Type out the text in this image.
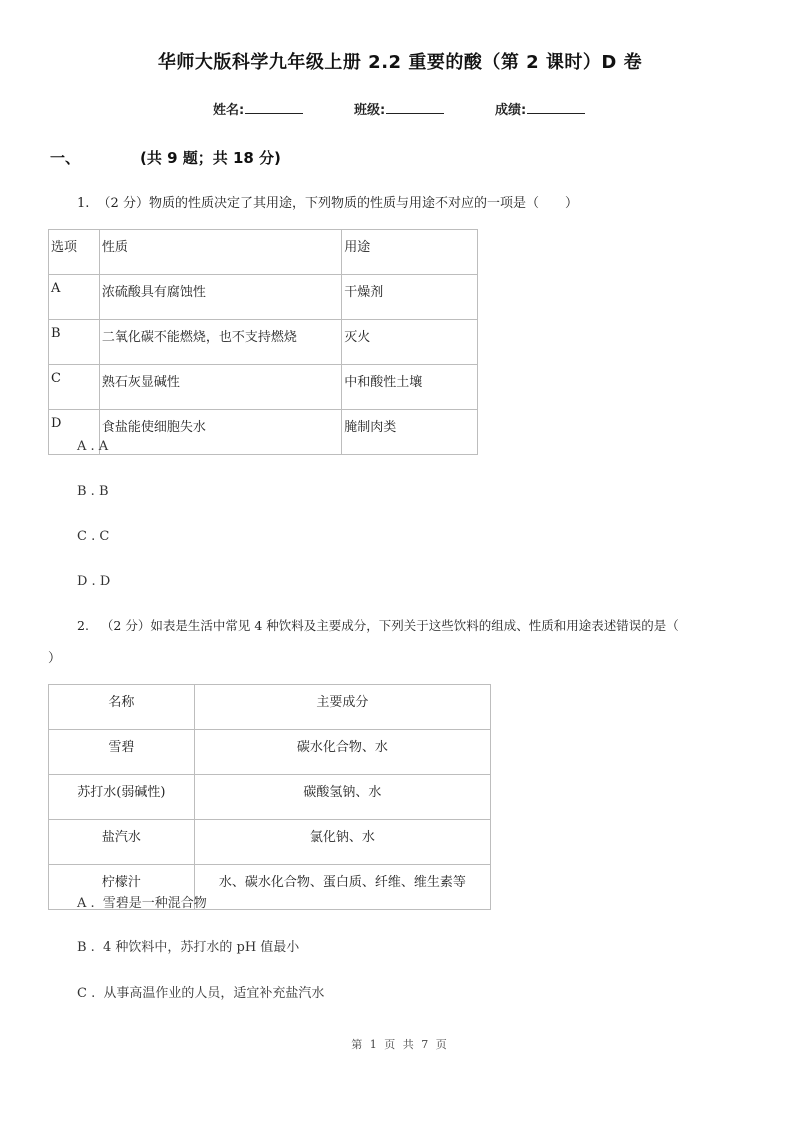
华师大版科学九年级上册 2.2 重要的酸（第 2 课时）D 卷
姓名:	班级:	成绩:
一、	(共 9 题；共 18 分)
1. （2 分）物质的性质决定了其用途，下列物质的性质与用途不对应的一项是（　　）
选项	性质	用途
A	浓硫酸具有腐蚀性	干燥剂
B	二氧化碳不能燃烧，也不支持燃烧	灭火
C	熟石灰显碱性	中和酸性土壤
D	食盐能使细胞失水	腌制肉类
A . A
B . B
C . C
D . D
2. （2 分）如表是生活中常见 4 种饮料及主要成分，下列关于这些饮料的组成、性质和用途表述错误的是（
）
名称	主要成分
雪碧	碳水化合物、水
苏打水(弱碱性)	碳酸氢钠、水
盐汽水	氯化钠、水
柠檬汁	水、碳水化合物、蛋白质、纤维、维生素等
A . 雪碧是一种混合物
B . 4 种饮料中，苏打水的 pH 值最小
C . 从事高温作业的人员，适宜补充盐汽水
第 1 页 共 7 页
